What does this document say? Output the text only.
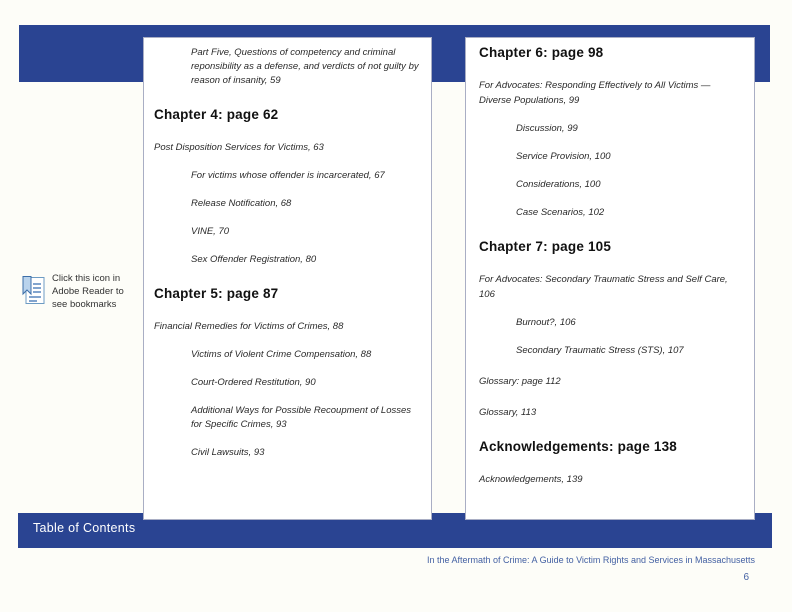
Table of Contents
Part Five, Questions of competency and criminal reponsibility as a defense, and verdicts of not guilty by reason of insanity, 59
Chapter 4: page 62
Post Disposition Services for Victims, 63
For victims whose offender is incarcerated, 67
Release Notification, 68
VINE, 70
Sex Offender Registration, 80
Chapter 5: page 87
Financial Remedies for Victims of Crimes, 88
Victims of Violent Crime Compensation, 88
Court-Ordered Restitution, 90
Additional Ways for Possible Recoupment of Losses for Specific Crimes, 93
Civil Lawsuits, 93
Chapter 6: page 98
For Advocates: Responding Effectively to All Victims — Diverse Populations, 99
Discussion, 99
Service Provision, 100
Considerations, 100
Case Scenarios, 102
Chapter 7: page 105
For Advocates: Secondary Traumatic Stress and Self Care, 106
Burnout?, 106
Secondary Traumatic Stress (STS), 107
Glossary: page 112
Glossary, 113
Acknowledgements: page 138
Acknowledgements, 139
Click this icon in Adobe Reader to see bookmarks
In the Aftermath of Crime: A Guide to Victim Rights and Services in Massachusetts
6
